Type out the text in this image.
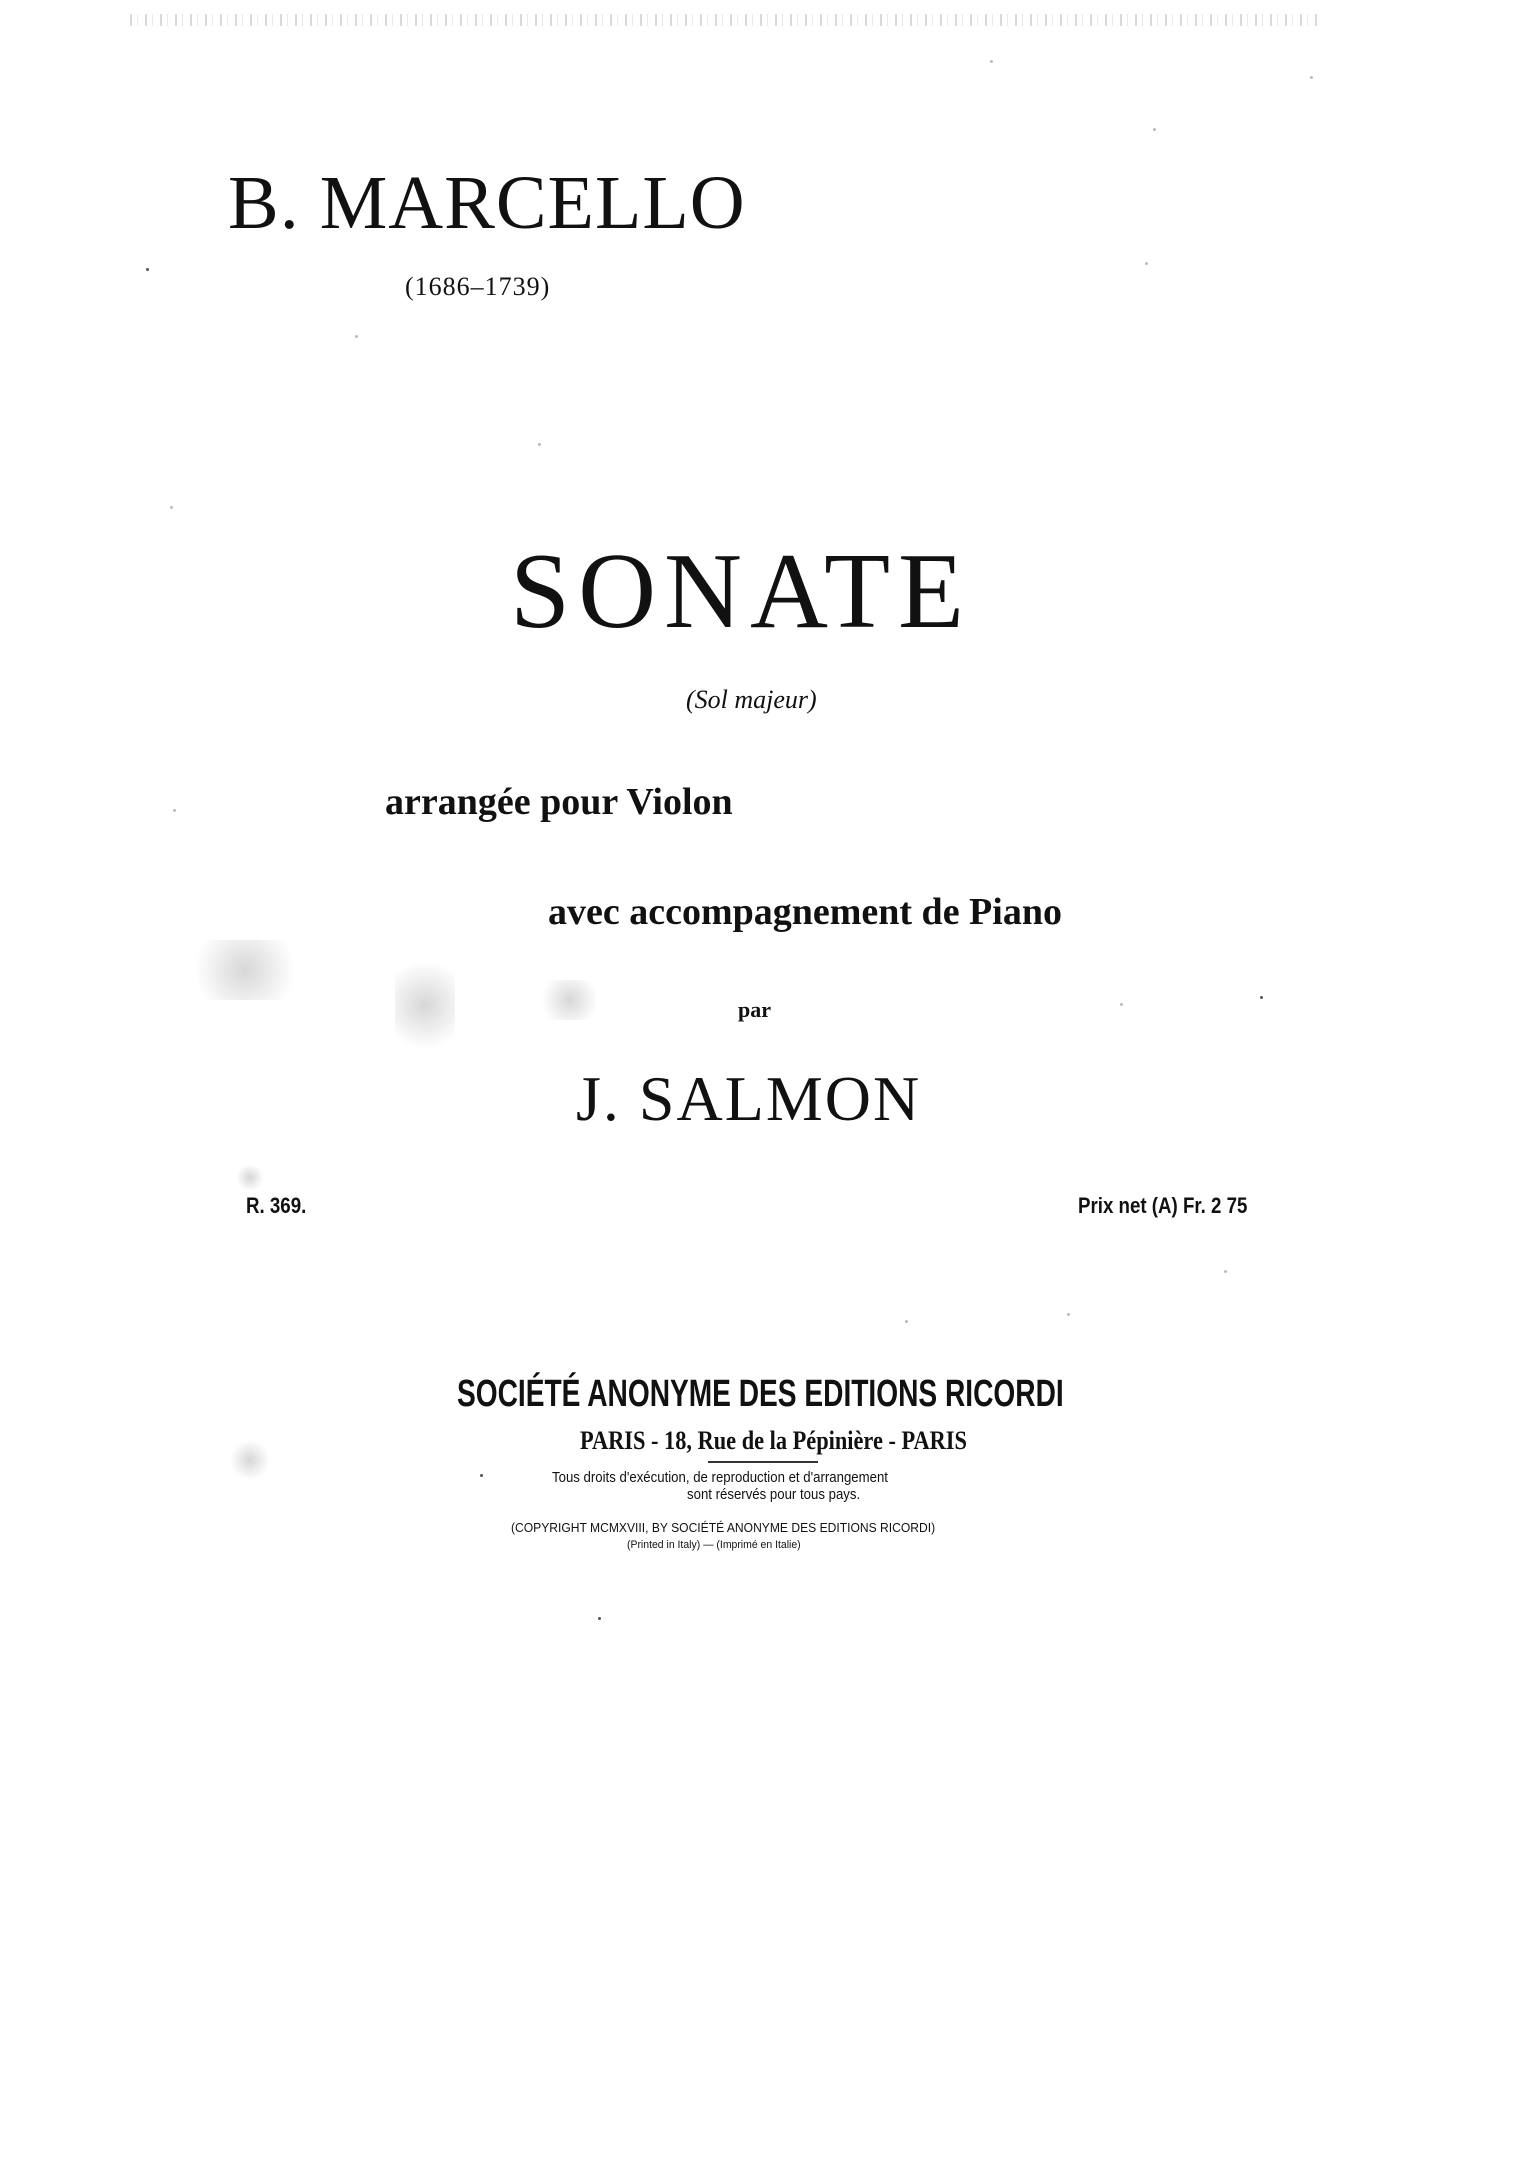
B. MARCELLO
(1686–1739)
SONATE
(Sol majeur)
arrangée pour Violon
avec accompagnement de Piano
par
J. SALMON
R. 369.	Prix net (A) Fr. 2 75
SOCIÉTÉ ANONYME DES EDITIONS RICORDI
PARIS - 18, Rue de la Pépinière - PARIS
Tous droits d'exécution, de reproduction et d'arrangement
sont réservés pour tous pays.
(COPYRIGHT MCMXVIII, BY SOCIÉTÉ ANONYME DES EDITIONS RICORDI)
(Printed in Italy) — (Imprimé en Italie)
